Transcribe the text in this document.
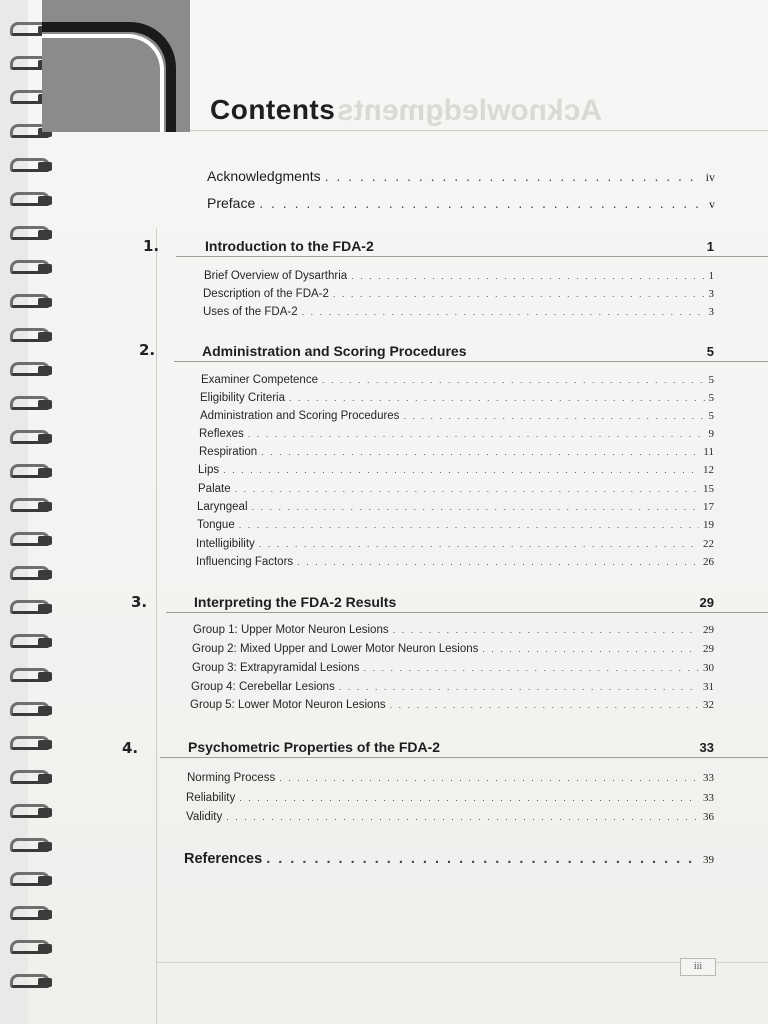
Acknowledgments
Contents
Acknowledgments . . .	iv
Preface . . .	v
1.	Introduction to the FDA-2	1
Brief Overview of Dysarthria . . .	1
Description of the FDA-2 . . .	3
Uses of the FDA-2 . . .	3
2.	Administration and Scoring Procedures	5
Examiner Competence . . .	5
Eligibility Criteria . . .	5
Administration and Scoring Procedures . . .	5
Reflexes . . .	9
Respiration . . .	11
Lips . . .	12
Palate . . .	15
Laryngeal . . .	17
Tongue . . .	19
Intelligibility . . .	22
Influencing Factors . . .	26
3.	Interpreting the FDA-2 Results	29
Group 1: Upper Motor Neuron Lesions . . .	29
Group 2: Mixed Upper and Lower Motor Neuron Lesions . . .	29
Group 3: Extrapyramidal Lesions . . .	30
Group 4: Cerebellar Lesions . . .	31
Group 5: Lower Motor Neuron Lesions . . .	32
4.	Psychometric Properties of the FDA-2	33
Norming Process . . .	33
Reliability . . .	33
Validity . . .	36
References . . .	39
iii
